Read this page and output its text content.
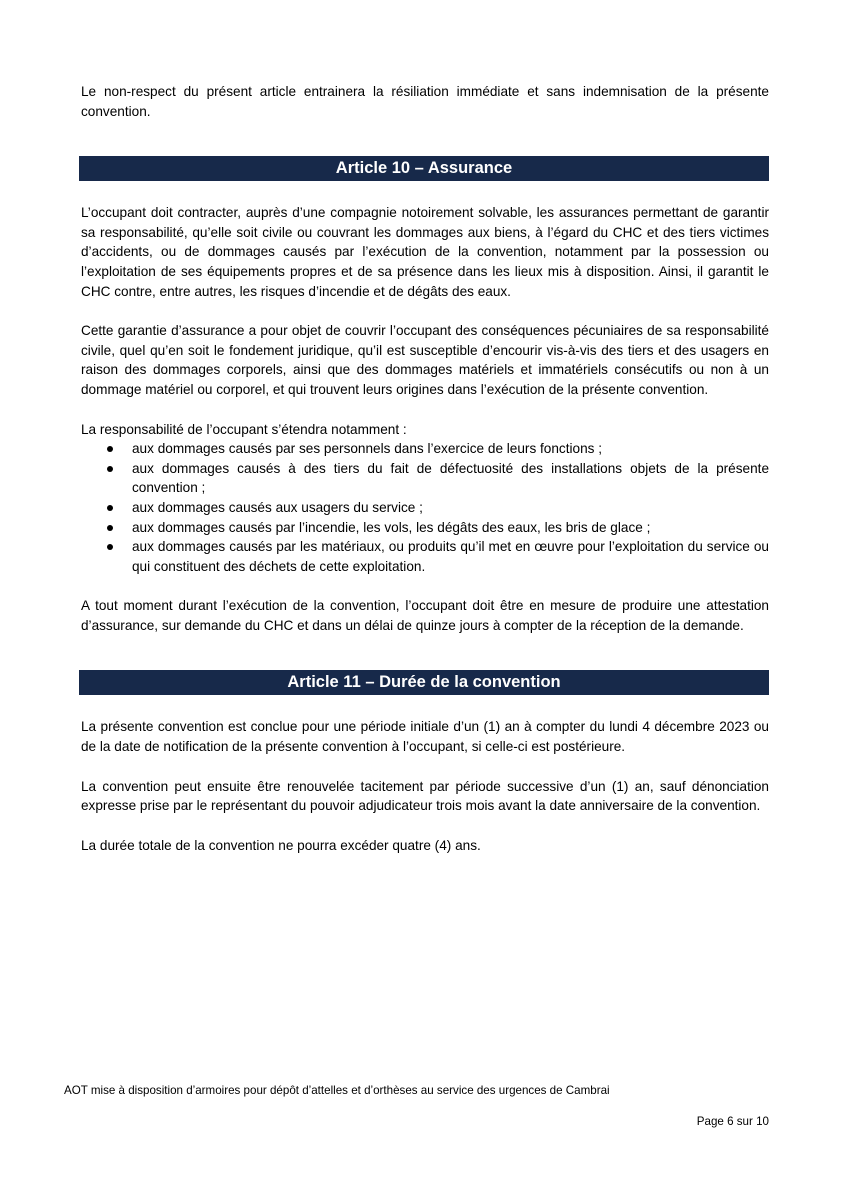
Le non-respect du présent article entrainera la résiliation immédiate et sans indemnisation de la présente convention.

Article 10 – Assurance

L’occupant doit contracter, auprès d’une compagnie notoirement solvable, les assurances permettant de garantir sa responsabilité, qu’elle soit civile ou couvrant les dommages aux biens, à l’égard du CHC et des tiers victimes d’accidents, ou de dommages causés par l’exécution de la convention, notamment par la possession ou l’exploitation de ses équipements propres et de sa présence dans les lieux mis à disposition. Ainsi, il garantit le CHC contre, entre autres, les risques d’incendie et de dégâts des eaux.

Cette garantie d’assurance a pour objet de couvrir l’occupant des conséquences pécuniaires de sa responsabilité civile, quel qu’en soit le fondement juridique, qu’il est susceptible d’encourir vis-à-vis des tiers et des usagers en raison des dommages corporels, ainsi que des dommages matériels et immatériels consécutifs ou non à un dommage matériel ou corporel, et qui trouvent leurs origines dans l’exécution de la présente convention.

La responsabilité de l’occupant s’étendra notamment :

aux dommages causés par ses personnels dans l’exercice de leurs fonctions ;
aux dommages causés à des tiers du fait de défectuosité des installations objets de la présente convention ;
aux dommages causés aux usagers du service ;
aux dommages causés par l’incendie, les vols, les dégâts des eaux, les bris de glace ;
aux dommages causés par les matériaux, ou produits qu’il met en œuvre pour l’exploitation du service ou qui constituent des déchets de cette exploitation.

A tout moment durant l’exécution de la convention, l’occupant doit être en mesure de produire une attestation d’assurance, sur demande du CHC et dans un délai de quinze jours à compter de la réception de la demande.

Article 11 – Durée de la convention

La présente convention est conclue pour une période initiale d’un (1) an à compter du lundi 4 décembre 2023 ou de la date de notification de la présente convention à l’occupant, si celle-ci est postérieure.

La convention peut ensuite être renouvelée tacitement par période successive d’un (1) an, sauf dénonciation expresse prise par le représentant du pouvoir adjudicateur trois mois avant la date anniversaire de la convention.

La durée totale de la convention ne pourra excéder quatre (4) ans.

AOT mise à disposition d’armoires pour dépôt d’attelles et d’orthèses au service des urgences de Cambrai
Page 6 sur 10
